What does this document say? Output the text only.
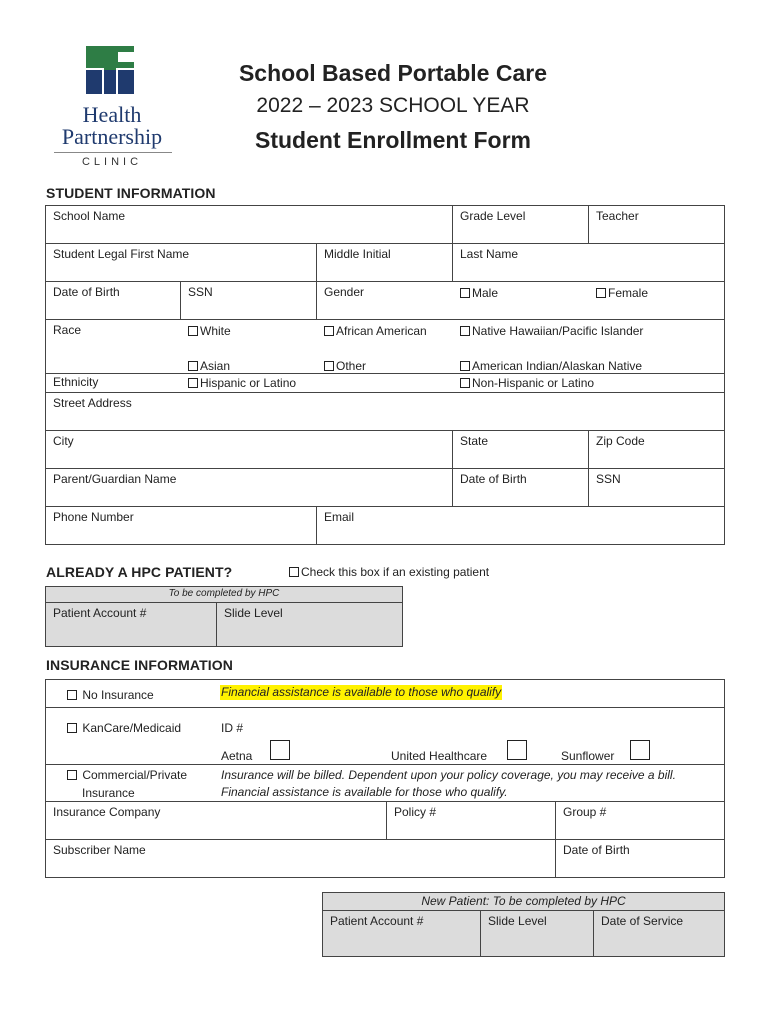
Health
Partnership
CLINIC
School Based Portable Care
2022 – 2023 SCHOOL YEAR
Student Enrollment Form
STUDENT INFORMATION
School Name	Grade Level	Teacher
Student Legal First Name	Middle Initial	Last Name
Date of Birth	SSN	Gender	Male	Female
Race	White	African American	Native Hawaiian/Pacific Islander
Asian	Other	American Indian/Alaskan Native
Ethnicity	Hispanic or Latino	Non-Hispanic or Latino
Street Address
City	State	Zip Code
Parent/Guardian Name	Date of Birth	SSN
Phone Number	Email
ALREADY A HPC PATIENT?	Check this box if an existing patient
To be completed by HPC
Patient Account #	Slide Level
INSURANCE INFORMATION
No Insurance	Financial assistance is available to those who qualify
KanCare/Medicaid	ID #
Aetna	United Healthcare	Sunflower
Commercial/Private
Insurance
Insurance will be billed. Dependent upon your policy coverage, you may receive a bill.
Financial assistance is available for those who qualify.
Insurance Company	Policy #	Group #
Subscriber Name	Date of Birth
New Patient: To be completed by HPC
Patient Account #	Slide Level	Date of Service
